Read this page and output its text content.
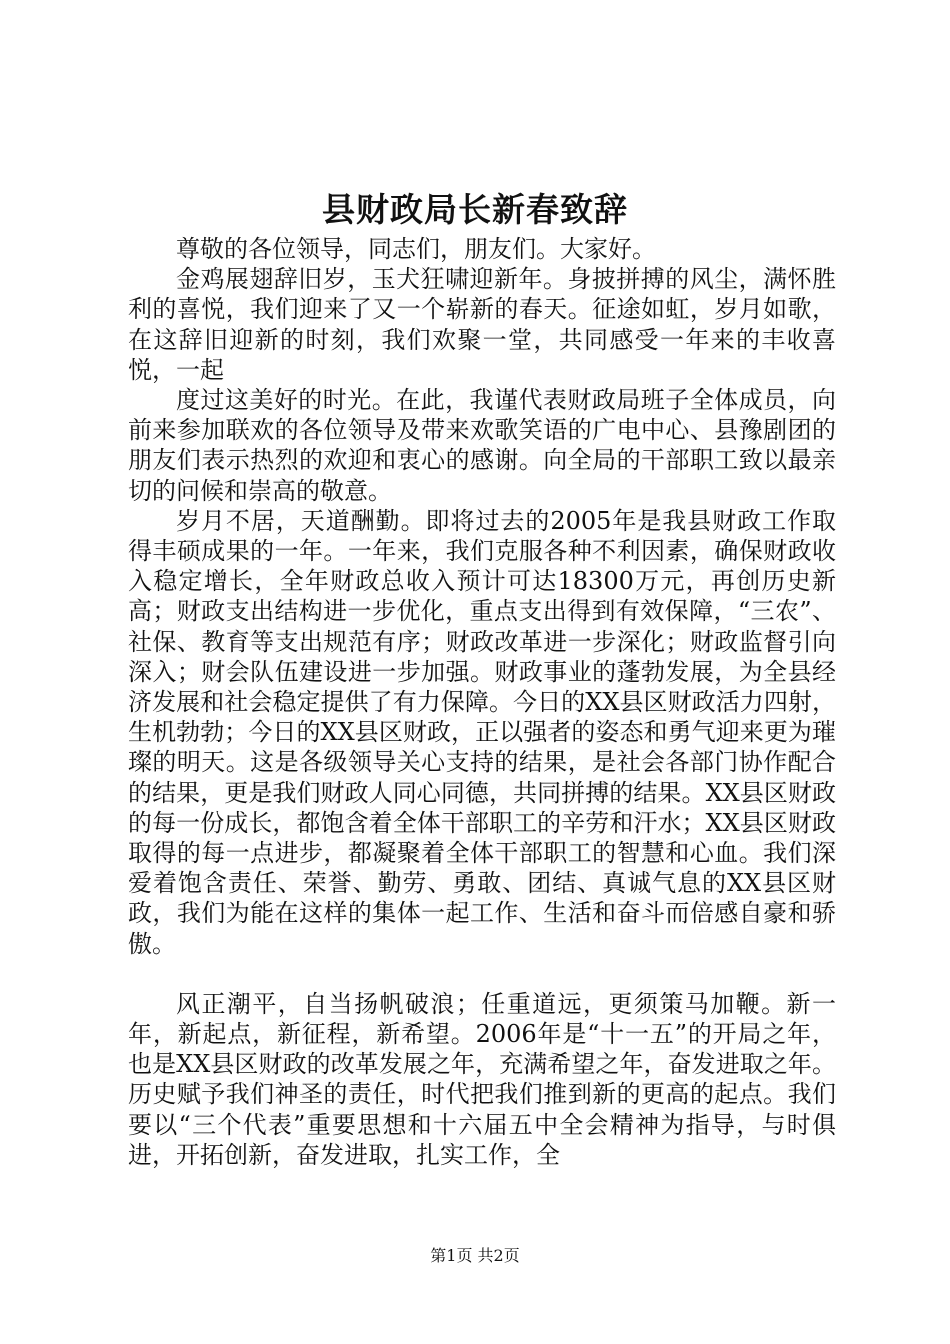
县财政局长新春致辞

尊敬的各位领导，同志们，朋友们。大家好。

金鸡展翅辞旧岁，玉犬狂啸迎新年。身披拼搏的风尘，满怀胜利的喜悦，我们迎来了又一个崭新的春天。征途如虹，岁月如歌，在这辞旧迎新的时刻，我们欢聚一堂，共同感受一年来的丰收喜悦，一起

度过这美好的时光。在此，我谨代表财政局班子全体成员，向前来参加联欢的各位领导及带来欢歌笑语的广电中心、县豫剧团的朋友们表示热烈的欢迎和衷心的感谢。向全局的干部职工致以最亲切的问候和崇高的敬意。

岁月不居，天道酬勤。即将过去的2005年是我县财政工作取得丰硕成果的一年。一年来，我们克服各种不利因素，确保财政收入稳定增长，全年财政总收入预计可达18300万元，再创历史新高；财政支出结构进一步优化，重点支出得到有效保障，“三农”、社保、教育等支出规范有序；财政改革进一步深化；财政监督引向深入；财会队伍建设进一步加强。财政事业的蓬勃发展，为全县经济发展和社会稳定提供了有力保障。今日的XX县区财政活力四射，生机勃勃；今日的XX县区财政，正以强者的姿态和勇气迎来更为璀璨的明天。这是各级领导关心支持的结果，是社会各部门协作配合的结果，更是我们财政人同心同德，共同拼搏的结果。XX县区财政的每一份成长，都饱含着全体干部职工的辛劳和汗水；XX县区财政取得的每一点进步，都凝聚着全体干部职工的智慧和心血。我们深爱着饱含责任、荣誉、勤劳、勇敢、团结、真诚气息的XX县区财政，我们为能在这样的集体一起工作、生活和奋斗而倍感自豪和骄傲。

风正潮平，自当扬帆破浪；任重道远，更须策马加鞭。新一年，新起点，新征程，新希望。2006年是“十一五”的开局之年，也是XX县区财政的改革发展之年，充满希望之年，奋发进取之年。历史赋予我们神圣的责任，时代把我们推到新的更高的起点。我们要以“三个代表”重要思想和十六届五中全会精神为指导，与时俱进，开拓创新，奋发进取，扎实工作，全

第1页 共2页
